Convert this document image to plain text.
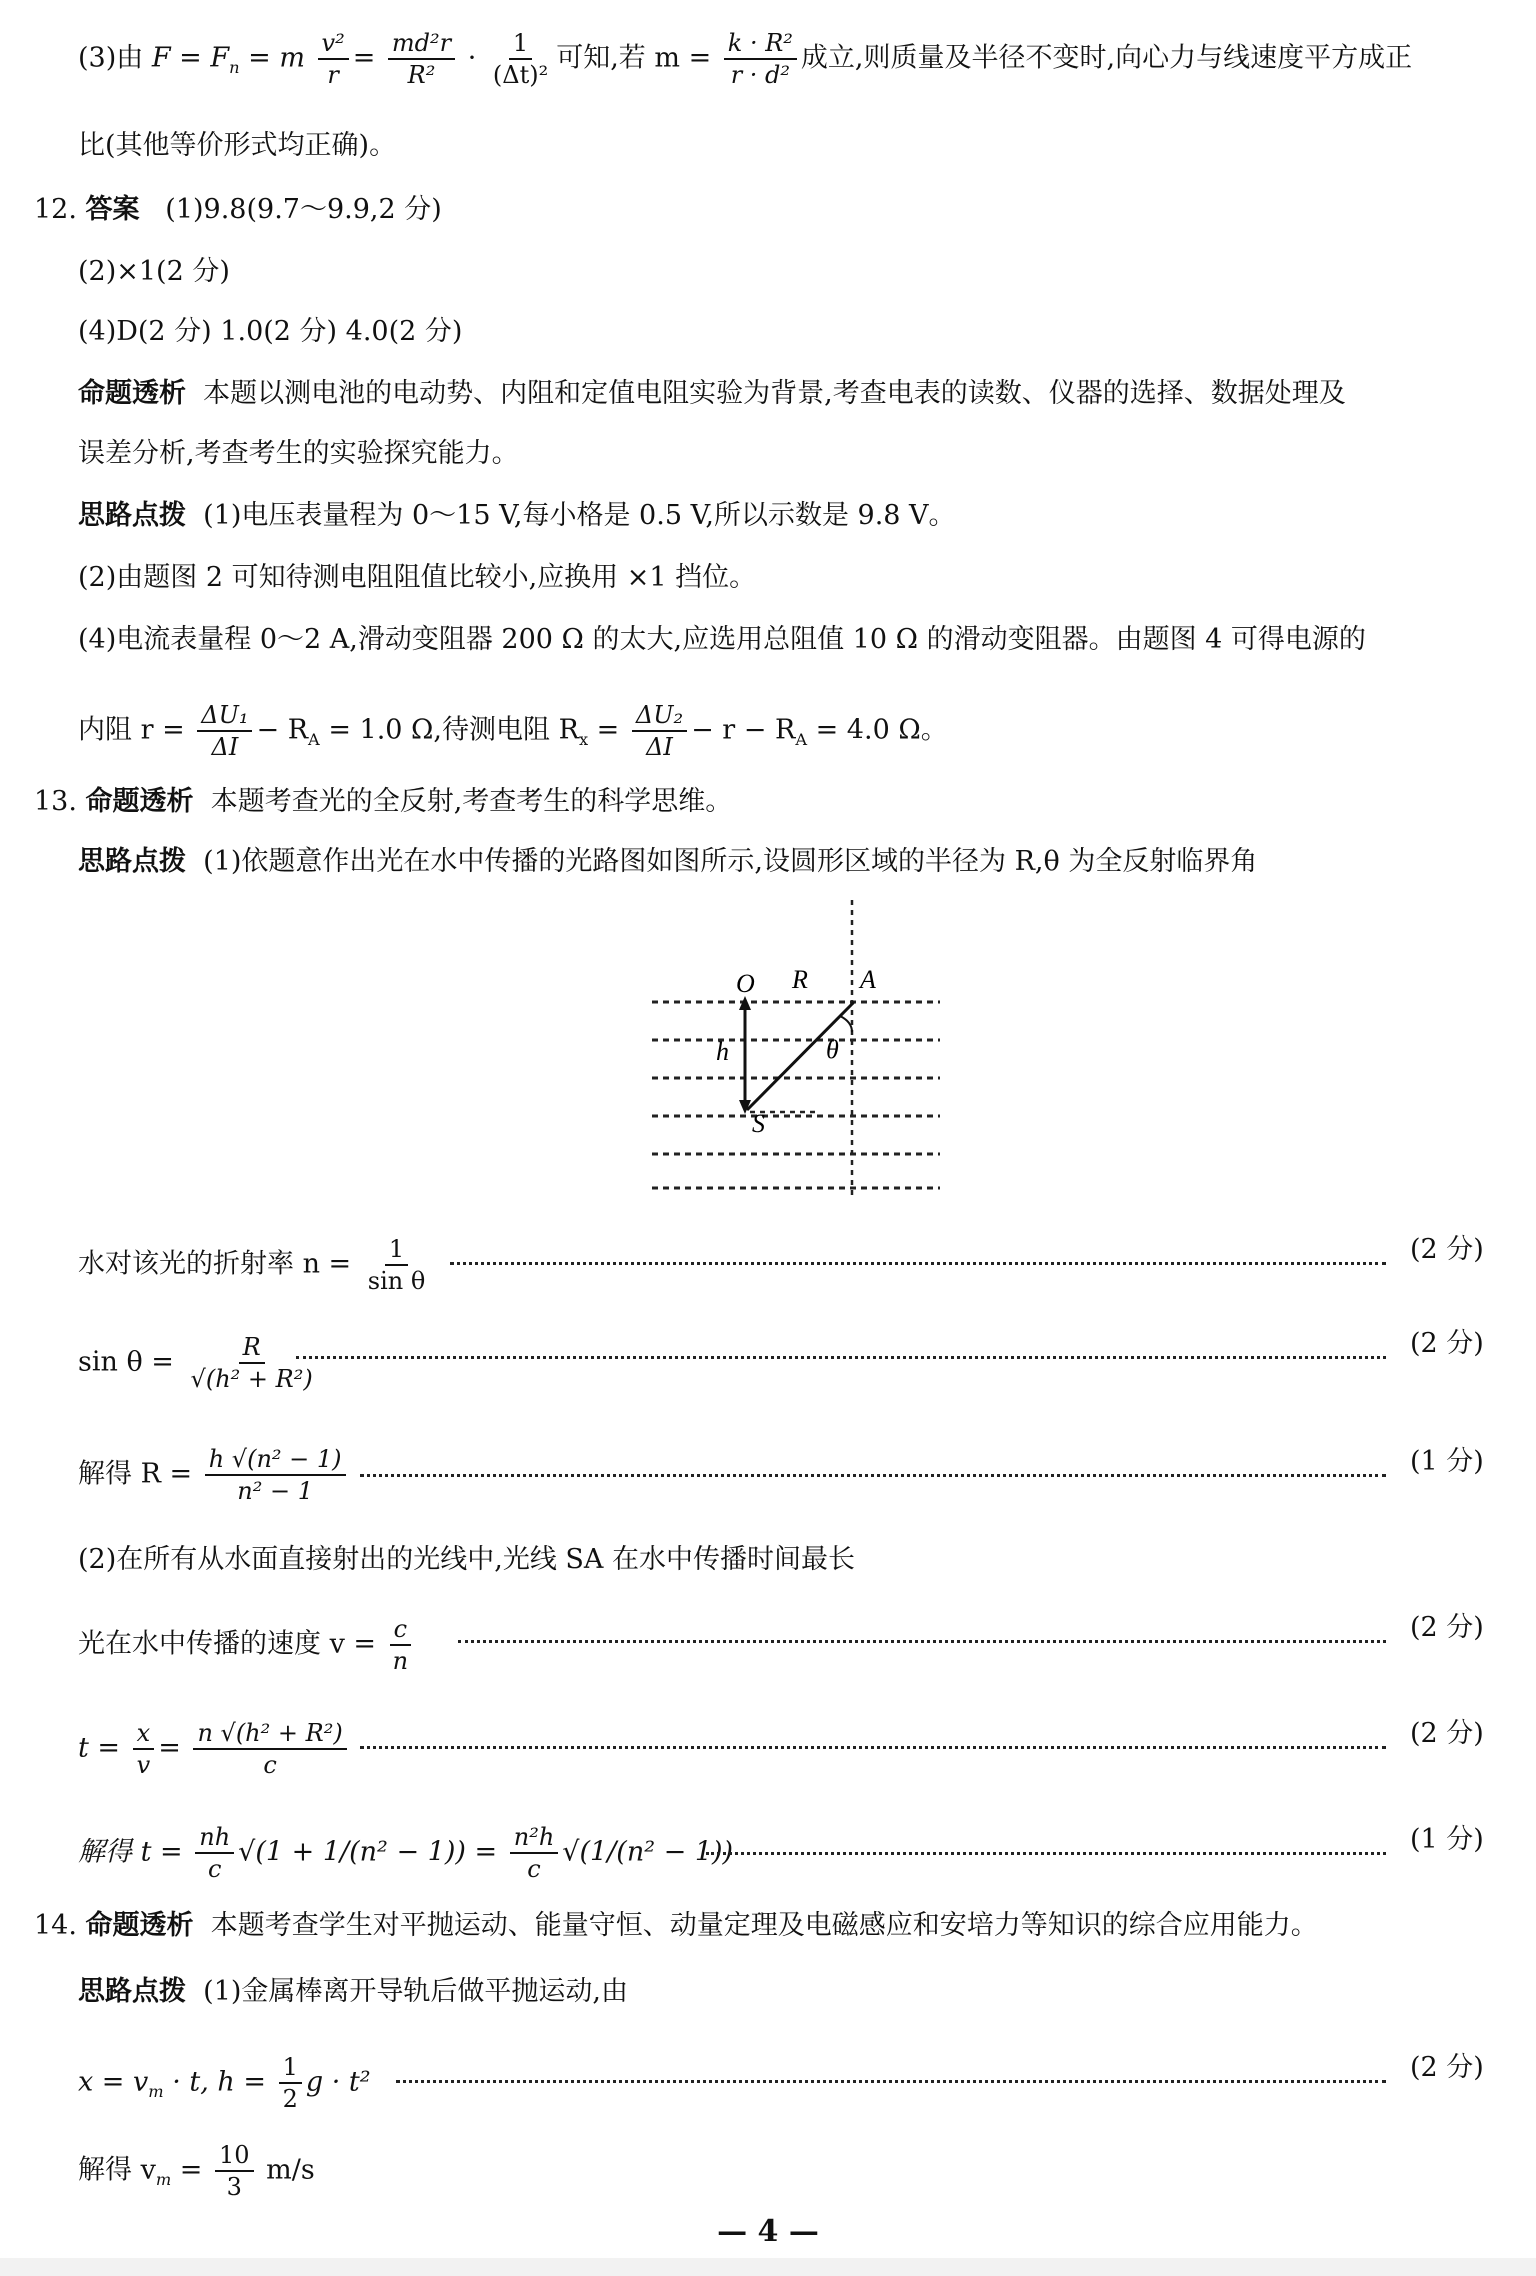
(3)由 $F = F_n = m \frac{\text{v²}}{r} = \frac{\text{md²r}}{\text{R²}} \cdot \frac{1}{\text{(Δt)²}}$ 可知,若 $m = \frac{\text{k · R²}}{\text{r · d²}}$ 成立,则质量及半径不变时,向心力与线速度平方成正
比(其他等价形式均正确)。
12. 答案 (1)9.8(9.7～9.9,2 分)
(2)×1(2 分)
(4)D(2 分) 1.0(2 分) 4.0(2 分)
命题透析 本题以测电池的电动势、内阻和定值电阻实验为背景,考查电表的读数、仪器的选择、数据处理及
误差分析,考查考生的实验探究能力。
思路点拨 (1)电压表量程为 0～15 V,每小格是 0.5 V,所以示数是 9.8 V。
(2)由题图 2 可知待测电阻阻值比较小,应换用 ×1 挡位。
(4)电流表量程 0～2 A,滑动变阻器 200 Ω 的太大,应选用总阻值 10 Ω 的滑动变阻器。由题图 4 可得电源的
内阻 $r = \frac{\text{ΔU₁}}{\Delta I} - R_A = 1.0$ Ω,待测电阻 $R_x = \frac{\text{ΔU₂}}{\Delta I} - r - R_A = 4.0$ Ω。
13. 命题透析 本题考查光的全反射,考查考生的科学思维。
思路点拨 (1)依题意作出光在水中传播的光路图如图所示,设圆形区域的半径为 R,θ 为全反射临界角
O R A
h	θ
S
水对该光的折射率 $n = \frac{1}{\text{sin θ}}$	(2 分)
$\sin \theta = \frac{R}{\text{√(h² + R²)}}$	(2 分)
解得 $R = \frac{\text{h √(n² − 1)}}{\text{n² − 1}}$	(1 分)
(2)在所有从水面直接射出的光线中,光线 SA 在水中传播时间最长
光在水中传播的速度 $v = \frac{c}{n}$	(2 分)
$t = \frac{x}{v} = \frac{\text{n √(h² + R²)}}{c}$	(2 分)
解得 $t = \frac{nh}{c} √(1 + 1/(n^2 - 1)) = \frac{\text{n²h}}{c} √(1/(n^2 - 1))$	(1 分)
14. 命题透析 本题考查学生对平抛运动、能量守恒、动量定理及电磁感应和安培力等知识的综合应用能力。
思路点拨 (1)金属棒离开导轨后做平抛运动,由
$x = v_m \cdot t$, $h = \frac{1}{2}$ g · t²	(2 分)
解得 $v_m = \frac{10}{3} m/s$
— 4 —
